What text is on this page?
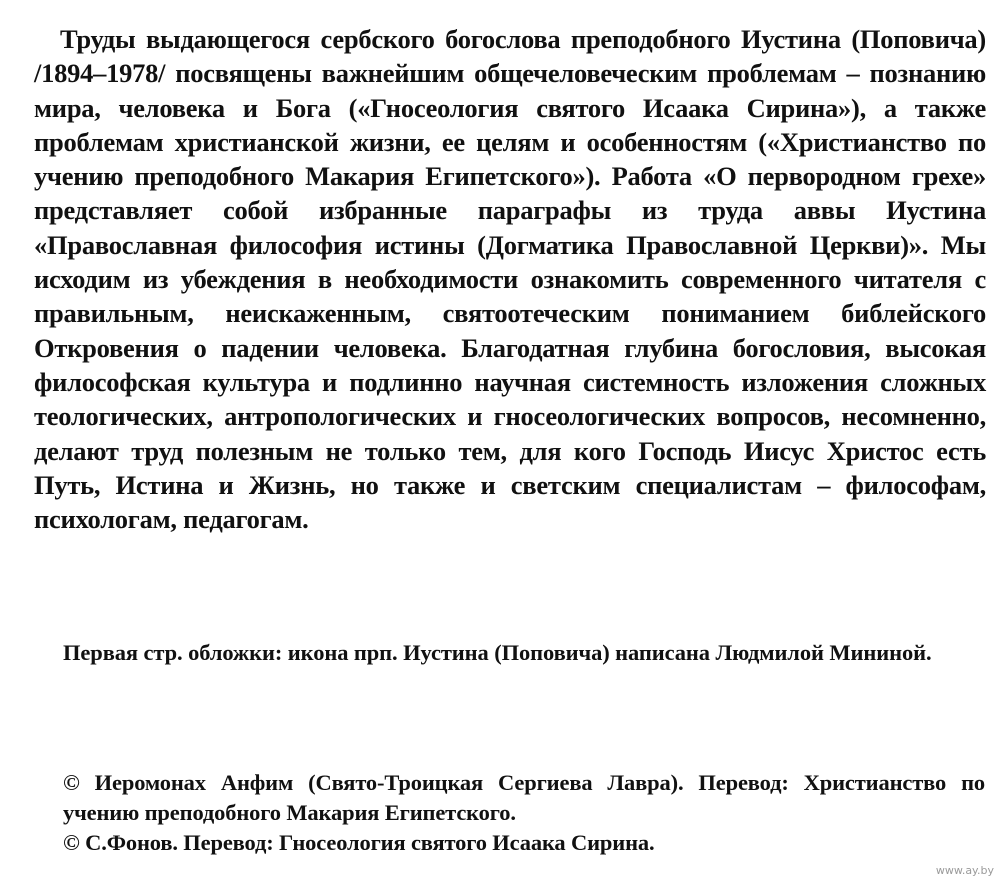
Труды выдающегося сербского богослова преподобного Иустина (Поповича) /1894–1978/ посвящены важнейшим общечеловеческим проблемам – познанию мира, человека и Бога («Гносеология святого Исаака Сирина»), а также проблемам христианской жизни, ее целям и особенностям («Христианство по учению преподобного Макария Египетского»). Работа «О первородном грехе» представляет собой избранные параграфы из труда аввы Иустина «Православная философия истины (Догматика Православной Церкви)». Мы исходим из убеждения в необходимости ознакомить современного читателя с правильным, неискаженным, святоотеческим пониманием библейского Откровения о падении человека. Благодатная глубина богословия, высокая философская культура и подлинно научная системность изложения сложных теологических, антропологических и гносеологических вопросов, несомненно, делают труд полезным не только тем, для кого Господь Иисус Христос есть Путь, Истина и Жизнь, но также и светским специалистам – философам, психологам, педагогам.

Первая стр. обложки: икона прп. Иустина (Поповича) написана Людмилой Мининой.

© Иеромонах Анфим (Свято-Троицкая Сергиева Лавра). Перевод: Христианство по учению преподобного Макария Египетского.

© С.Фонов. Перевод: Гносеология святого Исаака Сирина.

www.ay.by
